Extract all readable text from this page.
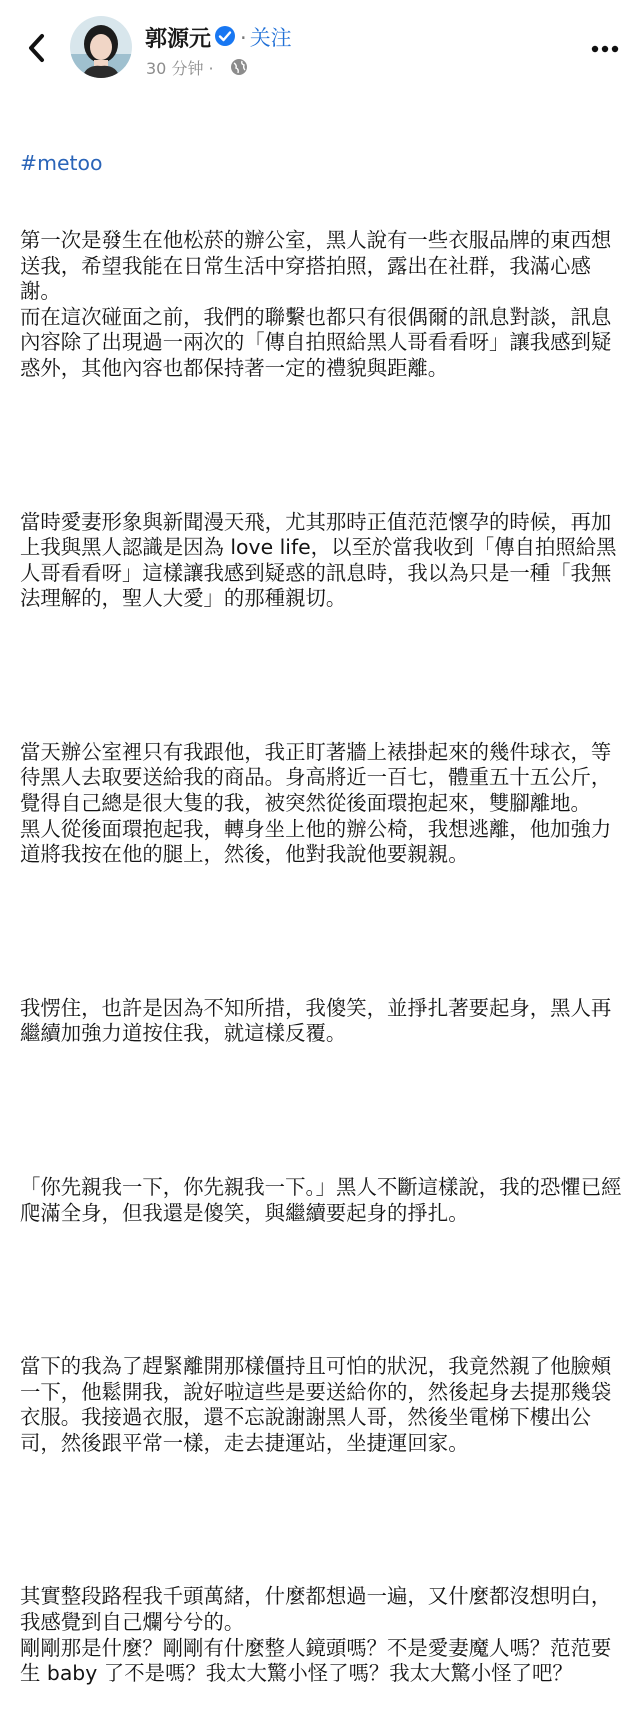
郭源元 · 关注
30 分钟 ·

#metoo

第一次是發生在他松菸的辦公室，黑人說有一些衣服品牌的東西想送我，希望我能在日常生活中穿搭拍照，露出在社群，我滿心感謝。
而在這次碰面之前，我們的聯繫也都只有很偶爾的訊息對談，訊息內容除了出現過一兩次的「傳自拍照給黑人哥看看呀」讓我感到疑惑外，其他內容也都保持著一定的禮貌與距離。

當時愛妻形象與新聞漫天飛，尤其那時正值范范懷孕的時候，再加上我與黑人認識是因為 love life，以至於當我收到「傳自拍照給黑人哥看看呀」這樣讓我感到疑惑的訊息時，我以為只是一種「我無法理解的，聖人大愛」的那種親切。

當天辦公室裡只有我跟他，我正盯著牆上裱掛起來的幾件球衣，等待黑人去取要送給我的商品。身高將近一百七，體重五十五公斤，覺得自己總是很大隻的我，被突然從後面環抱起來，雙腳離地。
黑人從後面環抱起我，轉身坐上他的辦公椅，我想逃離，他加強力道將我按在他的腿上，然後，他對我說他要親親。

我愣住，也許是因為不知所措，我傻笑，並掙扎著要起身，黑人再繼續加強力道按住我，就這樣反覆。

「你先親我一下，你先親我一下。」黑人不斷這樣說，我的恐懼已經爬滿全身，但我還是傻笑，與繼續要起身的掙扎。

當下的我為了趕緊離開那樣僵持且可怕的狀況，我竟然親了他臉頰一下，他鬆開我，說好啦這些是要送給你的，然後起身去提那幾袋衣服。我接過衣服，還不忘說謝謝黑人哥，然後坐電梯下樓出公司，然後跟平常一樣，走去捷運站，坐捷運回家。

其實整段路程我千頭萬緒，什麼都想過一遍，又什麼都沒想明白，我感覺到自己爛兮兮的。
剛剛那是什麼？剛剛有什麼整人鏡頭嗎？不是愛妻魔人嗎？范范要生 baby 了不是嗎？我太大驚小怪了嗎？我太大驚小怪了吧？
